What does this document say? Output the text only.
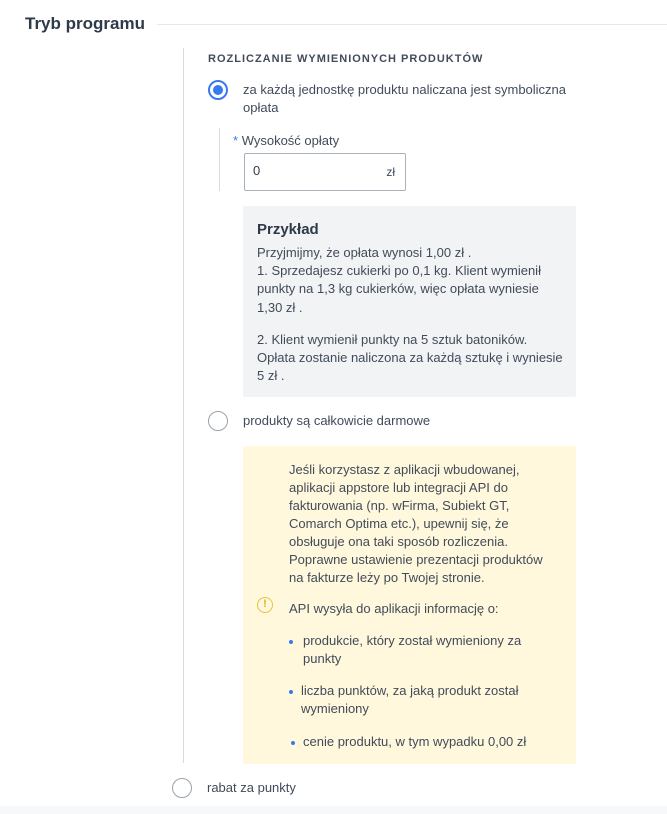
Tryb programu
ROZLICZANIE WYMIENIONYCH PRODUKTÓW
za każdą jednostkę produktu naliczana jest symboliczna
opłata
* Wysokość opłaty
0
zł
Przykład
Przyjmijmy, że opłata wynosi 1,00 zł .
1. Sprzedajesz cukierki po 0,1 kg. Klient wymienił
punkty na 1,3 kg cukierków, więc opłata wyniesie
1,30 zł .
2. Klient wymienił punkty na 5 sztuk batoników.
Opłata zostanie naliczona za każdą sztukę i wyniesie
5 zł .
produkty są całkowicie darmowe
Jeśli korzystasz z aplikacji wbudowanej,
aplikacji appstore lub integracji API do
fakturowania (np. wFirma, Subiekt GT,
Comarch Optima etc.), upewnij się, że
obsługuje ona taki sposób rozliczenia.
Poprawne ustawienie prezentacji produktów
na fakturze leży po Twojej stronie.
!	API wysyła do aplikacji informację o:
produkcie, który został wymieniony za
punkty
liczba punktów, za jaką produkt został
wymieniony
cenie produktu, w tym wypadku 0,00 zł
rabat za punkty
